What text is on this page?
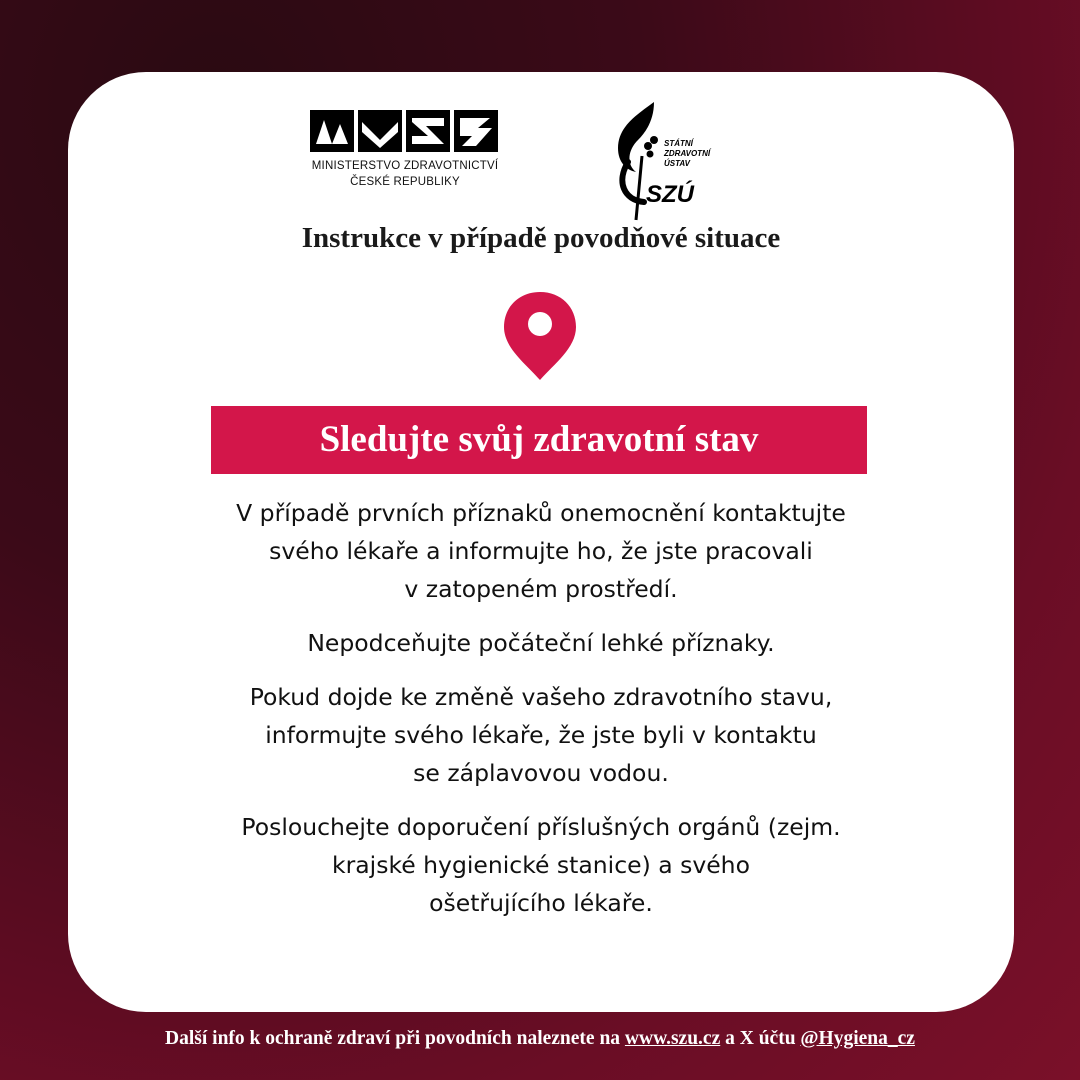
MINISTERSTVO ZDRAVOTNICTVÍ
ČESKÉ REPUBLIKY
STÁTNÍ
ZDRAVOTNÍ
ÚSTAV
SZÚ
Instrukce v případě povodňové situace
Sledujte svůj zdravotní stav

V případě prvních příznaků onemocnění kontaktujte
svého lékaře a informujte ho, že jste pracovali
v zatopeném prostředí.

Nepodceňujte počáteční lehké příznaky.

Pokud dojde ke změně vašeho zdravotního stavu,
informujte svého lékaře, že jste byli v kontaktu
se záplavovou vodou.

Poslouchejte doporučení příslušných orgánů (zejm.
krajské hygienické stanice) a svého
ošetřujícího lékaře.

Další info k ochraně zdraví při povodních naleznete na www.szu.cz a X účtu @Hygiena_cz
